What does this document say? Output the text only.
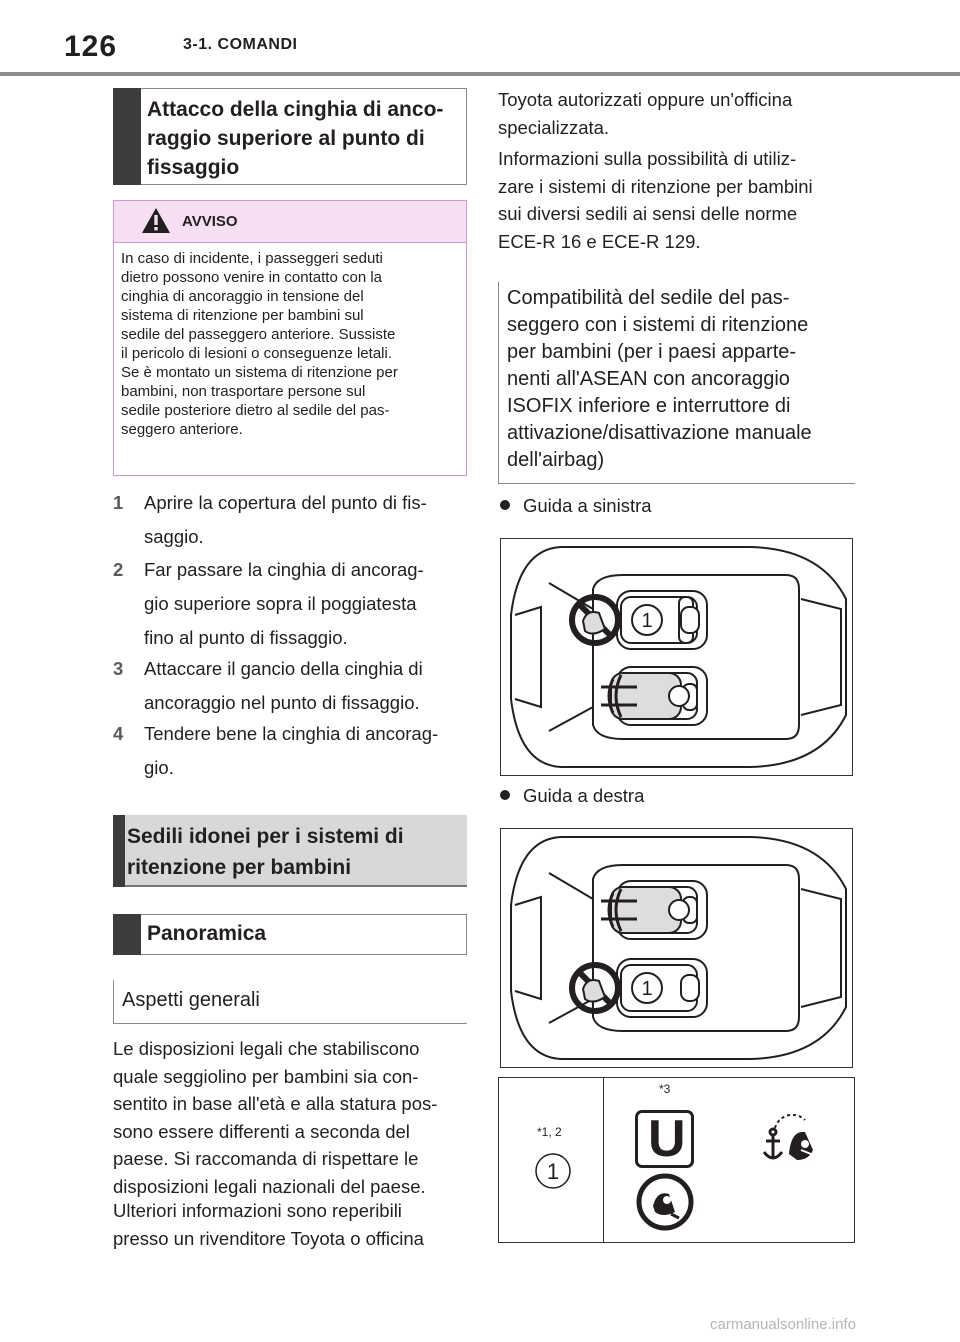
126	3-1. COMANDI
Attacco della cinghia di anco-raggio superiore al punto di fissaggio
AVVISO
In caso di incidente, i passeggeri seduti
dietro possono venire in contatto con la
cinghia di ancoraggio in tensione del
sistema di ritenzione per bambini sul
sedile del passeggero anteriore. Sussiste
il pericolo di lesioni o conseguenze letali.
Se è montato un sistema di ritenzione per
bambini, non trasportare persone sul
sedile posteriore dietro al sedile del pas-
seggero anteriore.
1 Aprire la copertura del punto di fis-
saggio.
2 Far passare la cinghia di ancorag-
gio superiore sopra il poggiatesta
fino al punto di fissaggio.
3 Attaccare il gancio della cinghia di
ancoraggio nel punto di fissaggio.
4 Tendere bene la cinghia di ancorag-
gio.
Sedili idonei per i sistemi di
ritenzione per bambini
Panoramica
Aspetti generali
Le disposizioni legali che stabiliscono
quale seggiolino per bambini sia con-
sentito in base all'età e alla statura pos-
sono essere differenti a seconda del
paese. Si raccomanda di rispettare le
disposizioni legali nazionali del paese.
Ulteriori informazioni sono reperibili
presso un rivenditore Toyota o officina
Toyota autorizzati oppure un'officina
specializzata.
Informazioni sulla possibilità di utiliz-
zare i sistemi di ritenzione per bambini
sui diversi sedili ai sensi delle norme
ECE-R 16 e ECE-R 129.
Compatibilità del sedile del pas-
seggero con i sistemi di ritenzione
per bambini (per i paesi apparte-
nenti all'ASEAN con ancoraggio
ISOFIX inferiore e interruttore di
attivazione/disattivazione manuale
dell'airbag)
Guida a sinistra
1
Guida a destra
1
*1, 2
1
*3
U
carmanualsonline.info
